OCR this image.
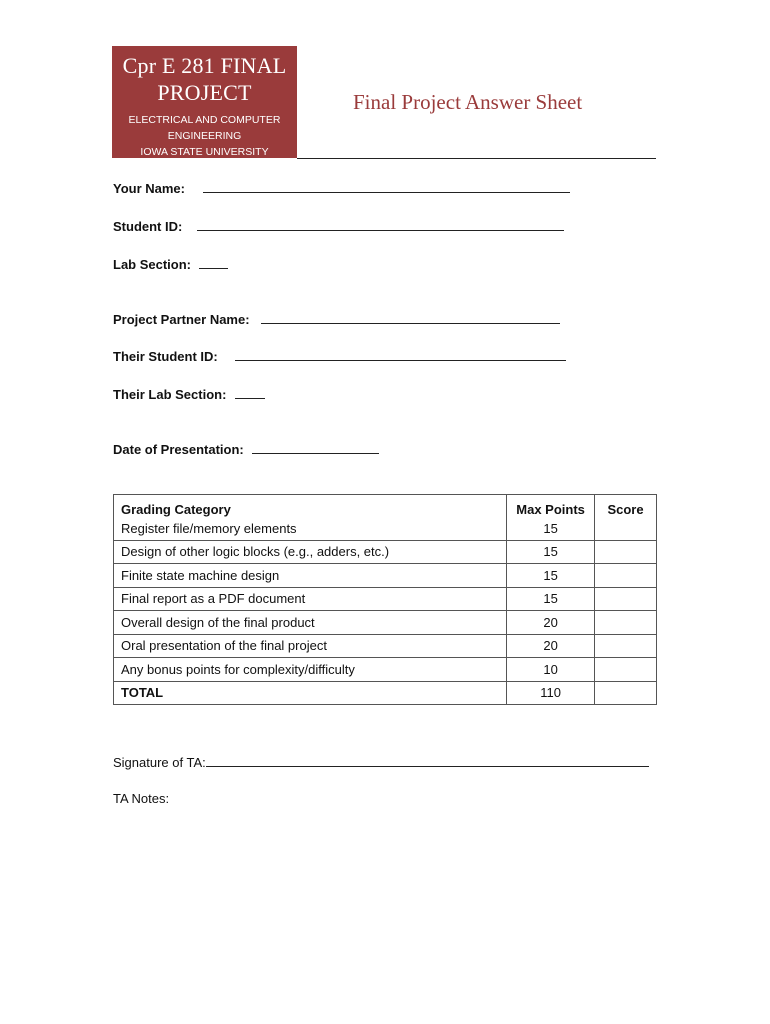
Cpr E 281 FINAL
PROJECT
ELECTRICAL AND COMPUTER
ENGINEERING
IOWA STATE UNIVERSITY
Final Project Answer Sheet
Your Name:
Student ID:
Lab Section:
Project Partner Name:
Their Student ID:
Their Lab Section:
Date of Presentation:
Grading Category	Max Points	Score
Register file/memory elements	15	
Design of other logic blocks (e.g., adders, etc.)	15	
Finite state machine design	15	
Final report as a PDF document	15	
Overall design of the final product	20	
Oral presentation of the final project	20	
Any bonus points for complexity/difficulty	10	
TOTAL	110	
Signature of TA:
TA Notes:
